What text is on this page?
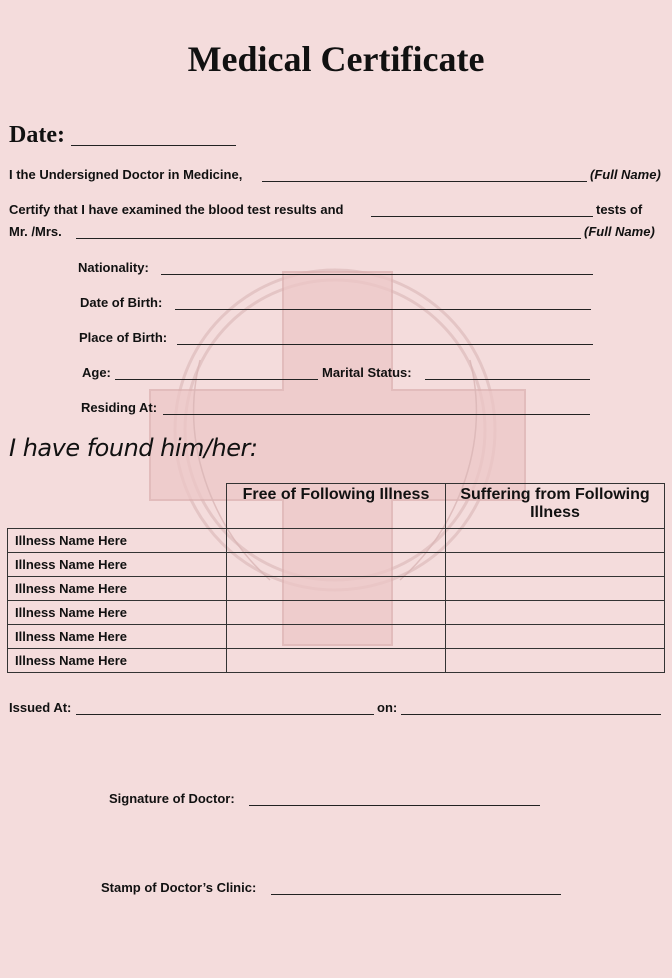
Medical Certificate
Date:
I the Undersigned Doctor in Medicine,	(Full Name)
Certify that I have examined the blood test results and	tests of
Mr. /Mrs.	(Full Name)
Nationality:
Date of Birth:
Place of Birth:
Age:	Marital Status:
Residing At:
I have found him/her:
	Free of Following Illness	Suffering from Following Illness
Illness Name Here		
Illness Name Here		
Illness Name Here		
Illness Name Here		
Illness Name Here		
Illness Name Here		
Issued At:	on:
Signature of Doctor:
Stamp of Doctor’s Clinic:
